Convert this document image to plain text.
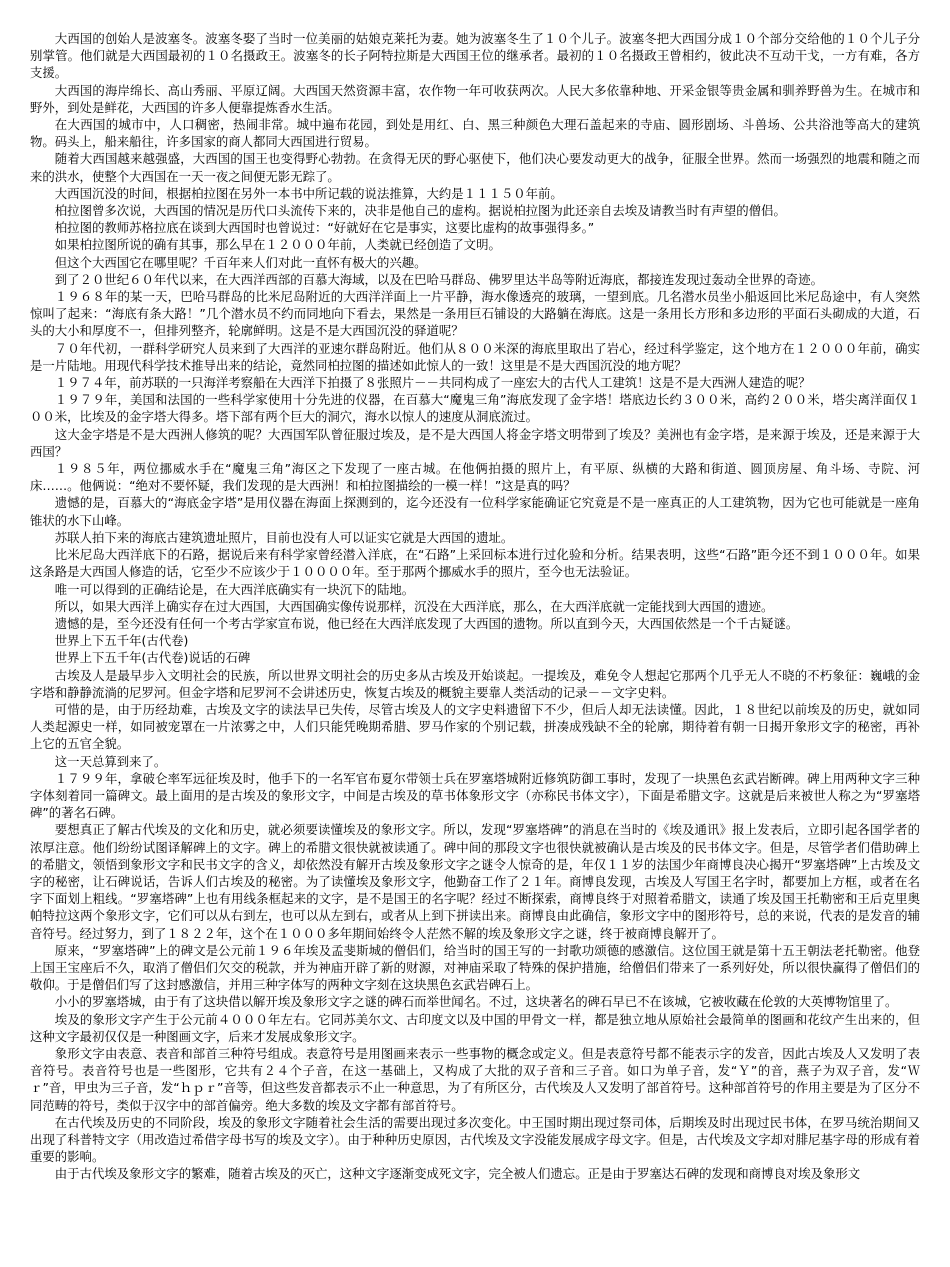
大西国的创始人是波塞冬。波塞冬娶了当时一位美丽的姑娘克莱托为妻。她为波塞冬生了１０个儿子。波塞冬把大西国分成１０个部分交给他的１０个儿子分别掌管。他们就是大西国最初的１０名摄政王。波塞冬的长子阿特拉斯是大西国王位的继承者。最初的１０名摄政王曾相约，彼此决不互动干戈，一方有难，各方支援。

大西国的海岸绵长、高山秀丽、平原辽阔。大西国天然资源丰富，农作物一年可收获两次。人民大多依靠种地、开采金银等贵金属和驯养野兽为生。在城市和野外，到处是鲜花，大西国的许多人便靠提炼香水生活。

在大西国的城市中，人口稠密，热闹非常。城中遍布花园，到处是用红、白、黑三种颜色大理石盖起来的寺庙、圆形剧场、斗兽场、公共浴池等高大的建筑物。码头上，船来船往，许多国家的商人都同大西国进行贸易。

随着大西国越来越强盛，大西国的国王也变得野心勃勃。在贪得无厌的野心驱使下，他们决心要发动更大的战争，征服全世界。然而一场强烈的地震和随之而来的洪水，使整个大西国在一天一夜之间便无影无踪了。

大西国沉没的时间，根据柏拉图在另外一本书中所记载的说法推算，大约是１１１５０年前。

柏拉图曾多次说，大西国的情况是历代口头流传下来的，决非是他自己的虚构。据说柏拉图为此还亲自去埃及请教当时有声望的僧侣。

柏拉图的教师苏格拉底在谈到大西国时也曾说过：“好就好在它是事实，这要比虚构的故事强得多。”

如果柏拉图所说的确有其事，那么早在１２０００年前，人类就已经创造了文明。

但这个大西国它在哪里呢？千百年来人们对此一直怀有极大的兴趣。

到了２０世纪６０年代以来，在大西洋西部的百慕大海域，以及在巴哈马群岛、佛罗里达半岛等附近海底，都接连发现过轰动全世界的奇迹。

１９６８年的某一天，巴哈马群岛的比米尼岛附近的大西洋洋面上一片平静，海水像透亮的玻璃，一望到底。几名潜水员坐小船返回比米尼岛途中，有人突然惊叫了起来：“海底有条大路！”几个潜水员不约而同地向下看去，果然是一条用巨石铺设的大路躺在海底。这是一条用长方形和多边形的平面石头砌成的大道，石头的大小和厚度不一，但排列整齐，轮廓鲜明。这是不是大西国沉没的驿道呢？

７０年代初，一群科学研究人员来到了大西洋的亚速尔群岛附近。他们从８００米深的海底里取出了岩心，经过科学鉴定，这个地方在１２０００年前，确实是一片陆地。用现代科学技术推导出来的结论，竟然同柏拉图的描述如此惊人的一致！这里是不是大西国沉没的地方呢？

１９７４年，前苏联的一只海洋考察船在大西洋下拍摄了８张照片－－共同构成了一座宏大的古代人工建筑！这是不是大西洲人建造的呢？

１９７９年，美国和法国的一些科学家使用十分先进的仪器，在百慕大“魔鬼三角”海底发现了金字塔！塔底边长约３００米，高约２００米，塔尖离洋面仅１００米，比埃及的金字塔大得多。塔下部有两个巨大的洞穴，海水以惊人的速度从洞底流过。

这大金字塔是不是大西洲人修筑的呢？大西国军队曾征服过埃及，是不是大西国人将金字塔文明带到了埃及？美洲也有金字塔，是来源于埃及，还是来源于大西国？

１９８５年，两位挪威水手在“魔鬼三角”海区之下发现了一座古城。在他俩拍摄的照片上，有平原、纵横的大路和街道、圆顶房屋、角斗场、寺院、河床……。他俩说：“绝对不要怀疑，我们发现的是大西洲！和柏拉图描绘的一模一样！”这是真的吗？

遗憾的是，百慕大的“海底金字塔”是用仪器在海面上探测到的，迄今还没有一位科学家能确证它究竟是不是一座真正的人工建筑物，因为它也可能就是一座角锥状的水下山峰。

苏联人拍下来的海底古建筑遗址照片，目前也没有人可以证实它就是大西国的遗址。

比米尼岛大西洋底下的石路，据说后来有科学家曾经潜入洋底，在“石路”上采回标本进行过化验和分析。结果表明，这些“石路”距今还不到１０００年。如果这条路是大西国人修造的话，它至少不应该少于１００００年。至于那两个挪威水手的照片，至今也无法验证。

唯一可以得到的正确结论是，在大西洋底确实有一块沉下的陆地。

所以，如果大西洋上确实存在过大西国，大西国确实像传说那样，沉没在大西洋底，那么，在大西洋底就一定能找到大西国的遗迹。

遗憾的是，至今还没有任何一个考古学家宣布说，他已经在大西洋底发现了大西国的遗物。所以直到今天，大西国依然是一个千古疑谜。

世界上下五千年(古代卷)

世界上下五千年(古代卷)说话的石碑

古埃及人是最早步入文明社会的民族，所以世界文明社会的历史多从古埃及开始谈起。一提埃及，难免令人想起它那两个几乎无人不晓的不朽象征：巍峨的金字塔和静静流淌的尼罗河。但金字塔和尼罗河不会讲述历史，恢复古埃及的概貌主要靠人类活动的记录－－文字史料。

可惜的是，由于历经劫难，古埃及文字的读法早已失传，尽管古埃及人的文字史料遗留下不少，但后人却无法读懂。因此，１８世纪以前埃及的历史，就如同人类起源史一样，如同被宠罩在一片浓雾之中，人们只能凭晚期希腊、罗马作家的个别记载，拼凑成残缺不全的轮廓，期待着有朝一日揭开象形文字的秘密，再补上它的五官全貌。

这一天总算到来了。

１７９９年，拿破仑率军远征埃及时，他手下的一名军官布夏尔带领士兵在罗塞塔城附近修筑防御工事时，发现了一块黑色玄武岩断碑。碑上用两种文字三种字体刻着同一篇碑文。最上面用的是古埃及的象形文字，中间是古埃及的草书体象形文字（亦称民书体文字），下面是希腊文字。这就是后来被世人称之为“罗塞塔碑”的著名石碑。

要想真正了解古代埃及的文化和历史，就必须要读懂埃及的象形文字。所以，发现“罗塞塔碑”的消息在当时的《埃及通讯》报上发表后，立即引起各国学者的浓厚注意。他们纷纷试图译解碑上的文字。碑上的希腊文很快就被读通了。碑中间的那段文字也很快就被确认是古埃及的民书体文字。但是，尽管学者们借助碑上的希腊文，领悟到象形文字和民书文字的含义，却依然没有解开古埃及象形文字之谜令人惊奇的是，年仅１１岁的法国少年商博良决心揭开“罗塞塔碑”上古埃及文字的秘密，让石碑说话，告诉人们古埃及的秘密。为了读懂埃及象形文字，他勤奋工作了２１年。商博良发现，古埃及人写国王名字时，都要加上方框，或者在名字下面划上粗线。“罗塞塔碑”上也有用线条框起来的文字，是不是国王的名字呢？经过不断探索，商博良终于对照着希腊文，读通了埃及国王托勒密和王后克里奥帕特拉这两个象形文字，它们可以从右到左，也可以从左到右，或者从上到下拼读出来。商博良由此确信，象形文字中的图形符号，总的来说，代表的是发音的辅音符号。经过努力，到了１８２２年，这个在１０００多年期间始终令人茫然不解的埃及象形文字之谜，终于被商博良解开了。

原来，“罗塞塔碑”上的碑文是公元前１９６年埃及孟斐斯城的僧侣们，给当时的国王写的一封歌功颂德的感激信。这位国王就是第十五王朝法老托勒密。他登上国王宝座后不久，取消了僧侣们欠交的税款，并为神庙开辟了新的财源，对神庙采取了特殊的保护措施，给僧侣们带来了一系列好处，所以很快赢得了僧侣们的敬仰。于是僧侣们写了这封感激信，并用三种字体写的两种文字刻在这块黑色玄武岩碑石上。

小小的罗塞塔城，由于有了这块借以解开埃及象形文字之谜的碑石而举世闻名。不过，这块著名的碑石早已不在该城，它被收藏在伦敦的大英博物馆里了。

埃及的象形文字产生于公元前４０００年左右。它同苏美尔文、古印度文以及中国的甲骨文一样，都是独立地从原始社会最简单的图画和花纹产生出来的，但这种文字最初仅仅是一种图画文字，后来才发展成象形文字。

象形文字由表意、表音和部首三种符号组成。表意符号是用图画来表示一些事物的概念或定义。但是表意符号都不能表示字的发音，因此古埃及人又发明了表音符号。表音符号也是一些图形，它共有２４个子音，在这一基础上，又构成了大批的双子音和三子音。如口为单子音，发“Ｙ”的音，燕子为双子音，发“Ｗｒ”音，甲虫为三子音，发“ｈｐｒ”音等，但这些发音都表示不止一种意思，为了有所区分，古代埃及人又发明了部首符号。这种部首符号的作用主要是为了区分不同范畴的符号，类似于汉字中的部首偏旁。绝大多数的埃及文字都有部首符号。

在古代埃及历史的不同阶段，埃及的象形文字随着社会生活的需要出现过多次变化。中王国时期出现过祭司体，后期埃及时出现过民书体，在罗马统治期间又出现了科普特文字（用改造过希借字母书写的埃及文字）。由于种种历史原因，古代埃及文字没能发展成字母文字。但是，古代埃及文字却对腓尼基字母的形成有着重要的影响。

由于古代埃及象形文字的繁难，随着古埃及的灭亡，这种文字逐渐变成死文字，完全被人们遗忘。正是由于罗塞达石碑的发现和商博良对埃及象形文
